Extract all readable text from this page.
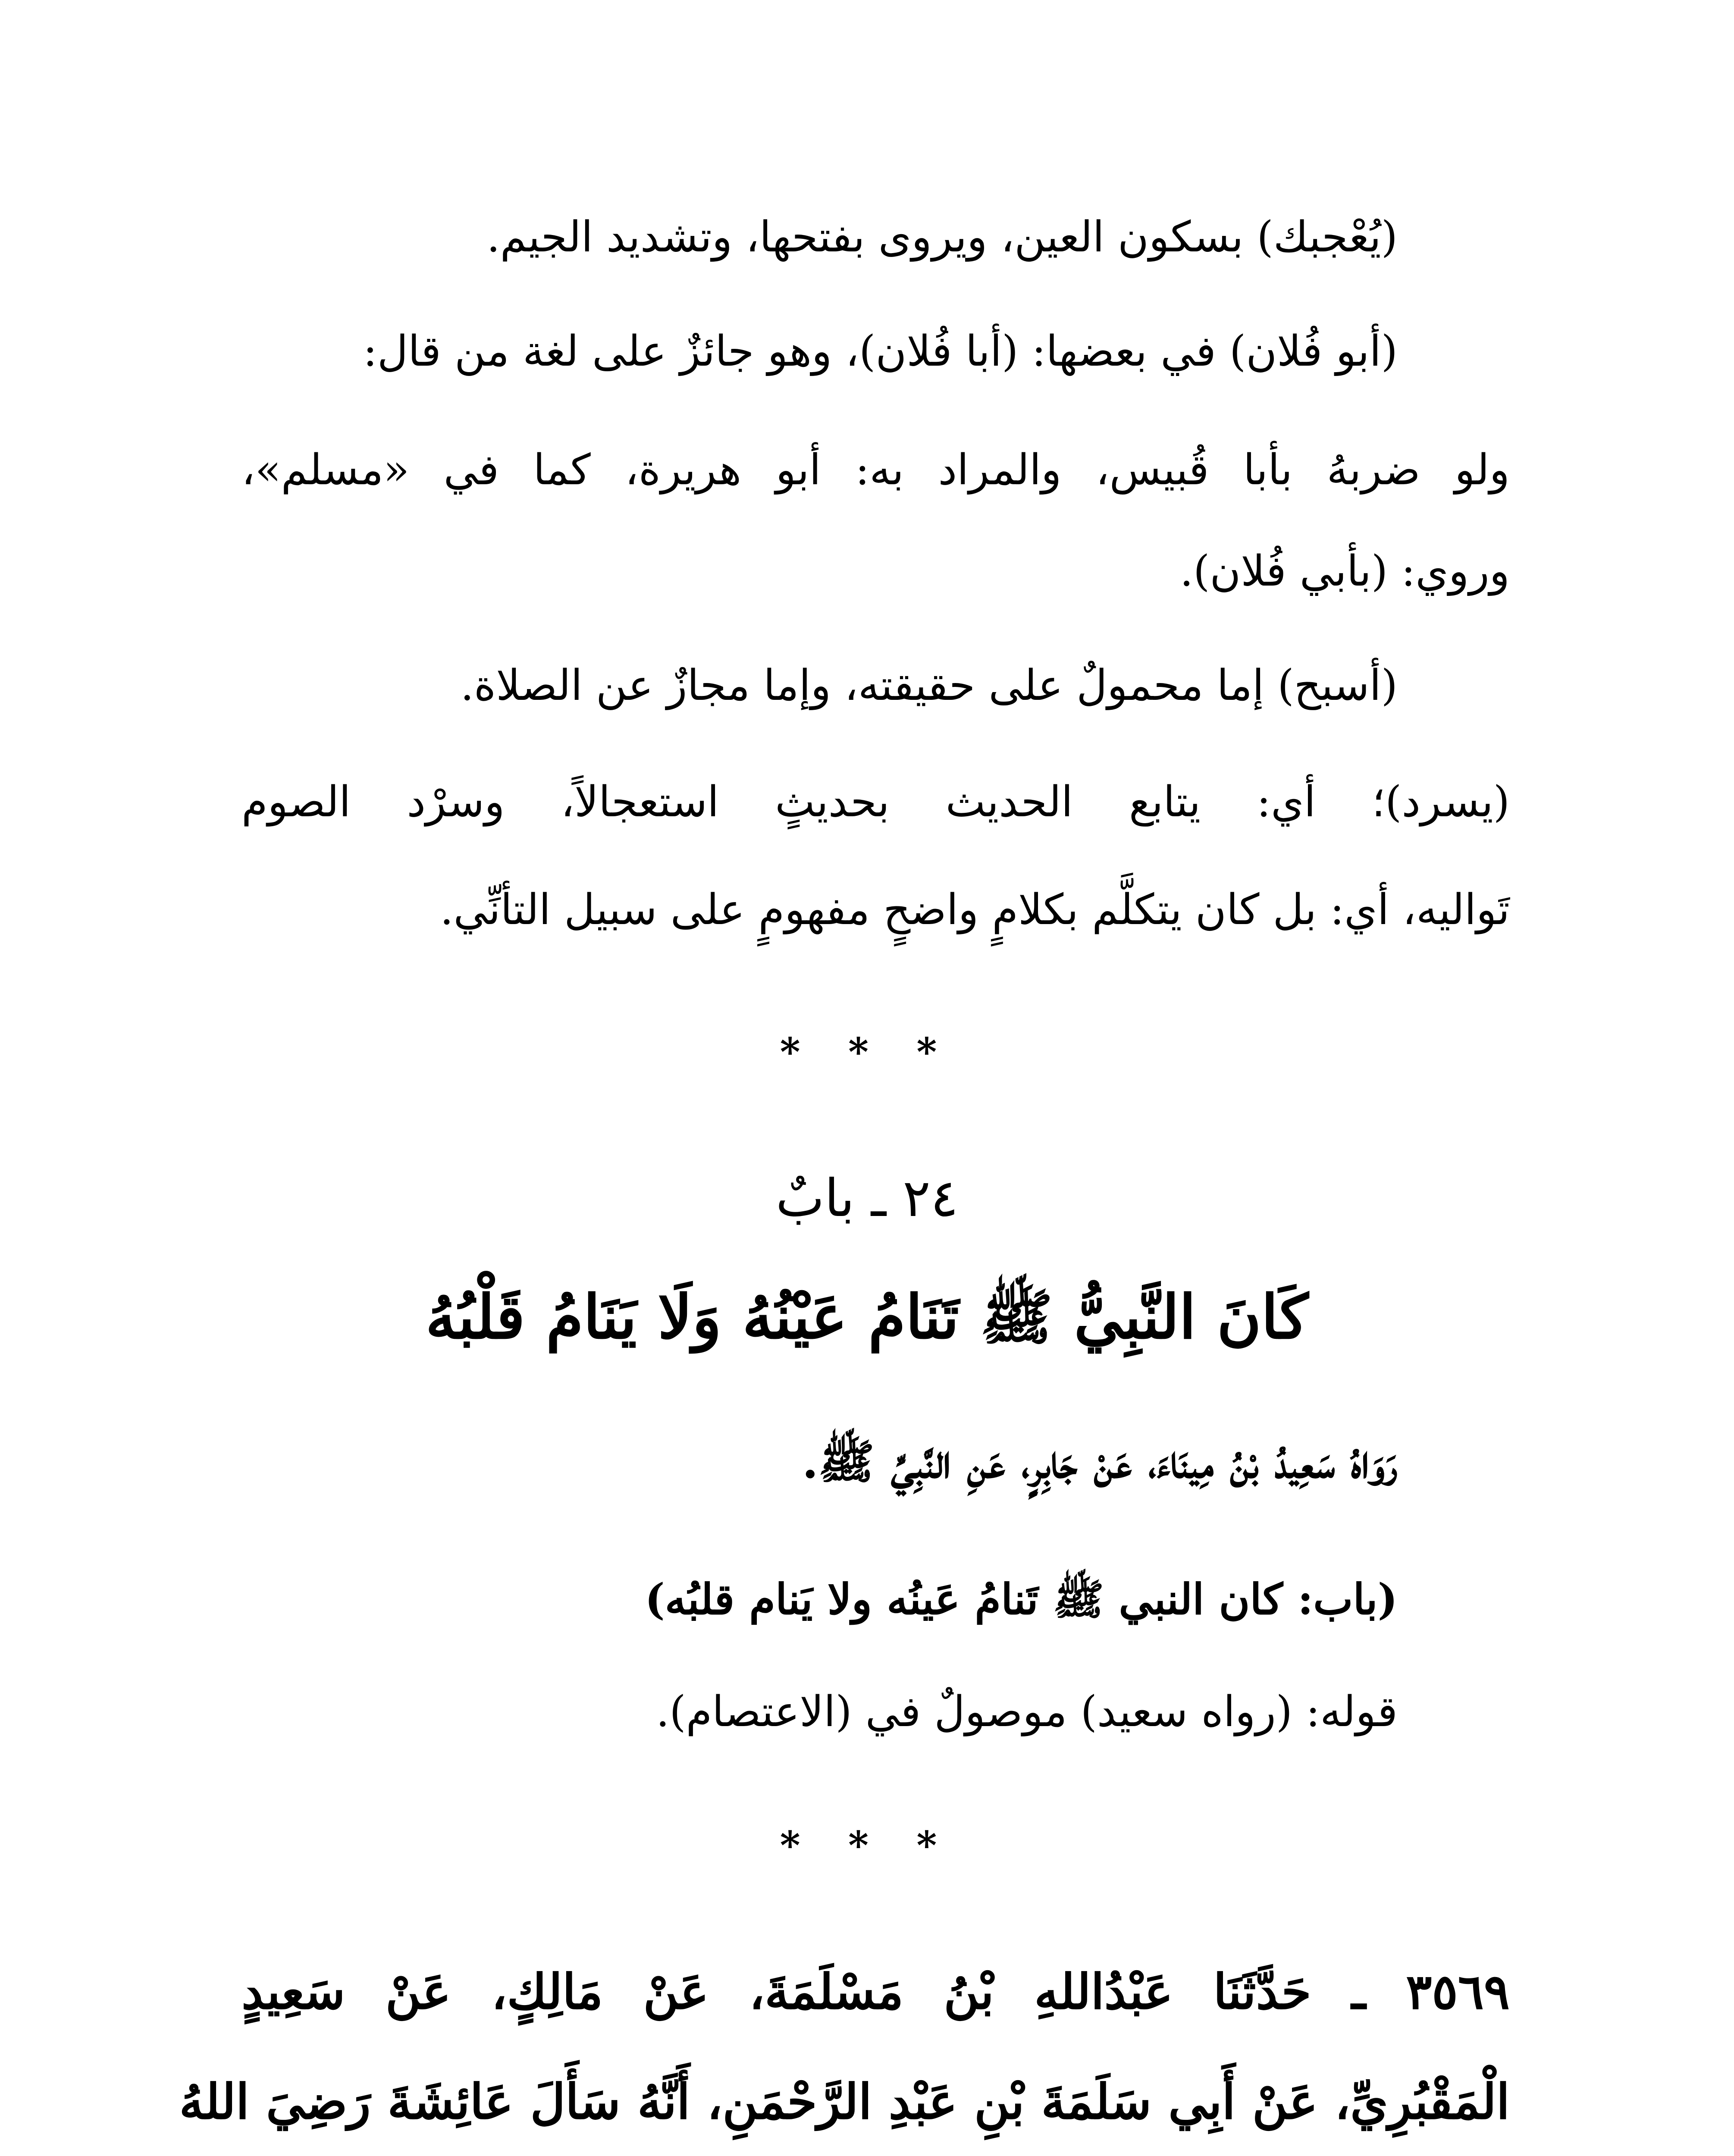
(يُعْجبك) بسكون العين، ويروى بفتحها، وتشديد الجيم.
(أبو فُلان) في بعضها: (أبا فُلان)، وهو جائزٌ على لغة من قال:
ولو ضربهُ بأبا قُبيس، والمراد به: أبو هريرة، كما في «مسلم»،
وروي: (بأبي فُلان).
(أسبح) إما محمولٌ على حقيقته، وإما مجازٌ عن الصلاة.
(يسرد)؛ أي: يتابع الحديث بحديثٍ استعجالاً، وسرْد الصوم
تَواليه، أي: بل كان يتكلَّم بكلامٍ واضحٍ مفهومٍ على سبيل التأنِّي.
* * *
٢٤ ـ بابٌ
كَانَ النَّبِيُّ ﷺ تَنَامُ عَيْنُهُ وَلَا يَنَامُ قَلْبُهُ
رَوَاهُ سَعِيدُ بْنُ مِينَاءَ، عَنْ جَابِرٍ، عَنِ النَّبِيِّ ﷺ.
(باب: كان النبي ﷺ تَنامُ عَينُه ولا يَنام قلبُه)
قوله: (رواه سعيد) موصولٌ في (الاعتصام).
* * *
٣٥٦٩ ـ حَدَّثَنَا عَبْدُاللهِ بْنُ مَسْلَمَةَ، عَنْ مَالِكٍ، عَنْ سَعِيدٍ
الْمَقْبُرِيِّ، عَنْ أَبِي سَلَمَةَ بْنِ عَبْدِ الرَّحْمَنِ، أَنَّهُ سَأَلَ عَائِشَةَ رَضِيَ اللهُ
